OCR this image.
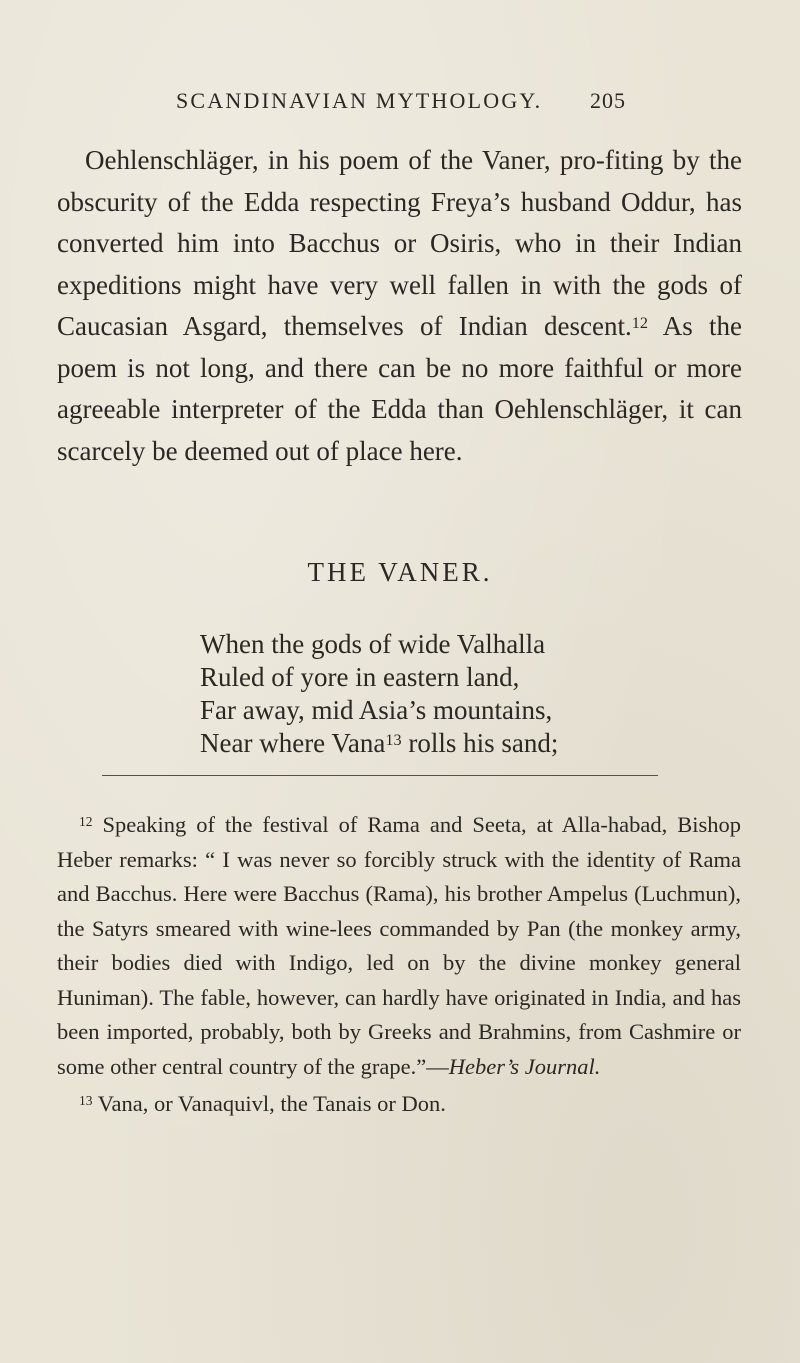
SCANDINAVIAN MYTHOLOGY. 205

Oehlenschläger, in his poem of the Vaner, pro-fiting by the obscurity of the Edda respecting Freya’s husband Oddur, has converted him into Bacchus or Osiris, who in their Indian expeditions might have very well fallen in with the gods of Caucasian Asgard, themselves of Indian descent.$^{12}$ As the poem is not long, and there can be no more faithful or more agreeable interpreter of the Edda than Oehlenschläger, it can scarcely be deemed out of place here.

THE VANER.
When the gods of wide Valhalla
Ruled of yore in eastern land,
Far away, mid Asia’s mountains,
Near where Vana$^{13}$ rolls his sand;

$^{12}$ Speaking of the festival of Rama and Seeta, at Alla-habad, Bishop Heber remarks: “ I was never so forcibly struck with the identity of Rama and Bacchus. Here were Bacchus (Rama), his brother Ampelus (Luchmun), the Satyrs smeared with wine-lees commanded by Pan (the monkey army, their bodies died with Indigo, led on by the divine monkey general Huniman). The fable, however, can hardly have originated in India, and has been imported, probably, both by Greeks and Brahmins, from Cashmire or some other central country of the grape.”—Heber’s Journal.

$^{13}$ Vana, or Vanaquivl, the Tanais or Don.
